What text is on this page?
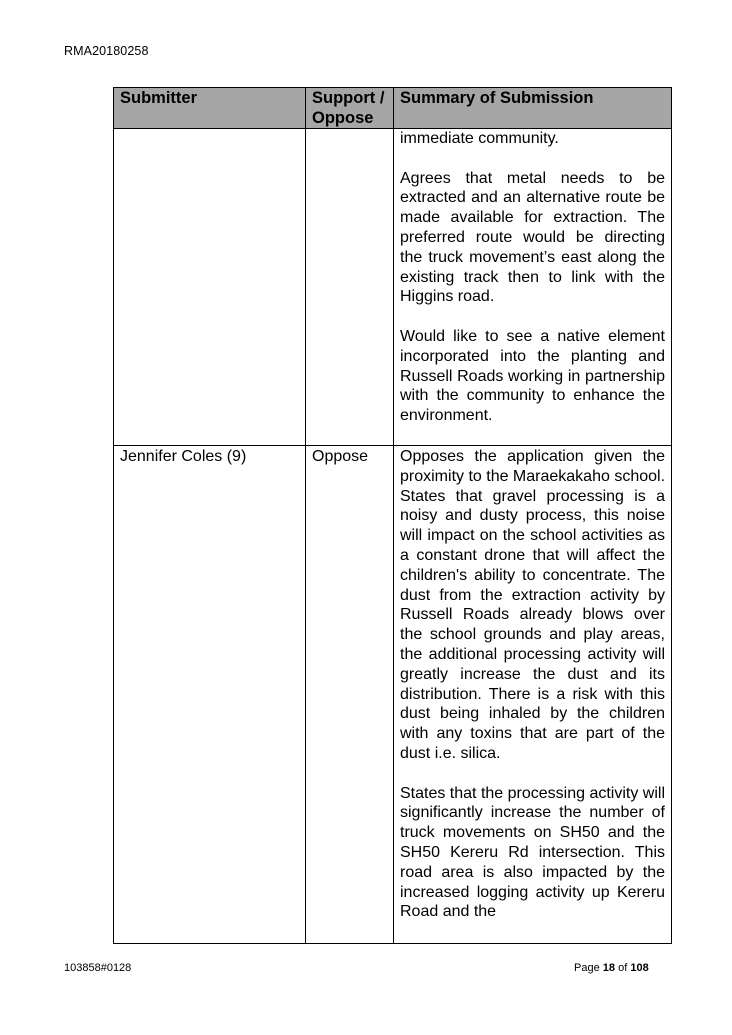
RMA20180258
Submitter	Support / Oppose	Summary of Submission

		immediate community.

Agrees that metal needs to be extracted and an alternative route be made available for extraction. The preferred route would be directing the truck movement’s east along the existing track then to link with the Higgins road.

Would like to see a native element incorporated into the planting and Russell Roads working in partnership with the community to enhance the environment.

Jennifer Coles (9)	Oppose	Opposes the application given the proximity to the Maraekakaho school. States that gravel processing is a noisy and dusty process, this noise will impact on the school activities as a constant drone that will affect the children's ability to concentrate. The dust from the extraction activity by Russell Roads already blows over the school grounds and play areas, the additional processing activity will greatly increase the dust and its distribution. There is a risk with this dust being inhaled by the children with any toxins that are part of the dust i.e. silica.

States that the processing activity will significantly increase the number of truck movements on SH50 and the SH50 Kereru Rd intersection. This road area is also impacted by the increased logging activity up Kereru Road and the

103858#0128	Page 18 of 108
